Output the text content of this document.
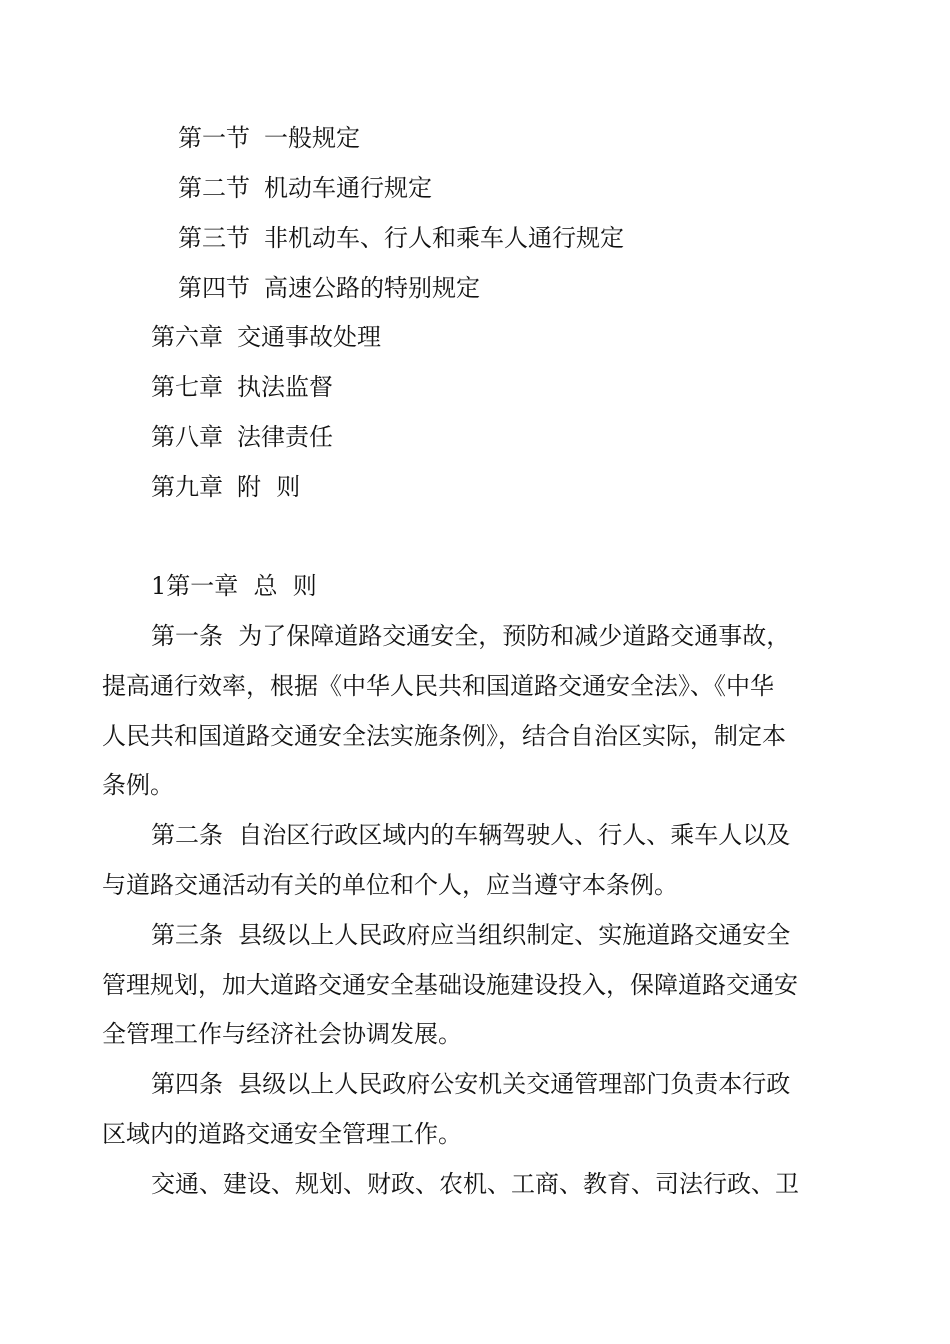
第一节 一般规定
第二节 机动车通行规定
第三节 非机动车、行人和乘车人通行规定
第四节 高速公路的特别规定
第六章 交通事故处理
第七章 执法监督
第八章 法律责任
第九章 附  则
1第一章  总  则
第一条  为了保障道路交通安全，预防和减少道路交通事故，
提高通行效率，根据《中华人民共和国道路交通安全法》、《中华
人民共和国道路交通安全法实施条例》，结合自治区实际，制定本
条例。
第二条  自治区行政区域内的车辆驾驶人、行人、乘车人以及
与道路交通活动有关的单位和个人，应当遵守本条例。
第三条  县级以上人民政府应当组织制定、实施道路交通安全
管理规划，加大道路交通安全基础设施建设投入，保障道路交通安
全管理工作与经济社会协调发展。
第四条  县级以上人民政府公安机关交通管理部门负责本行政
区域内的道路交通安全管理工作。
交通、建设、规划、财政、农机、工商、教育、司法行政、卫
